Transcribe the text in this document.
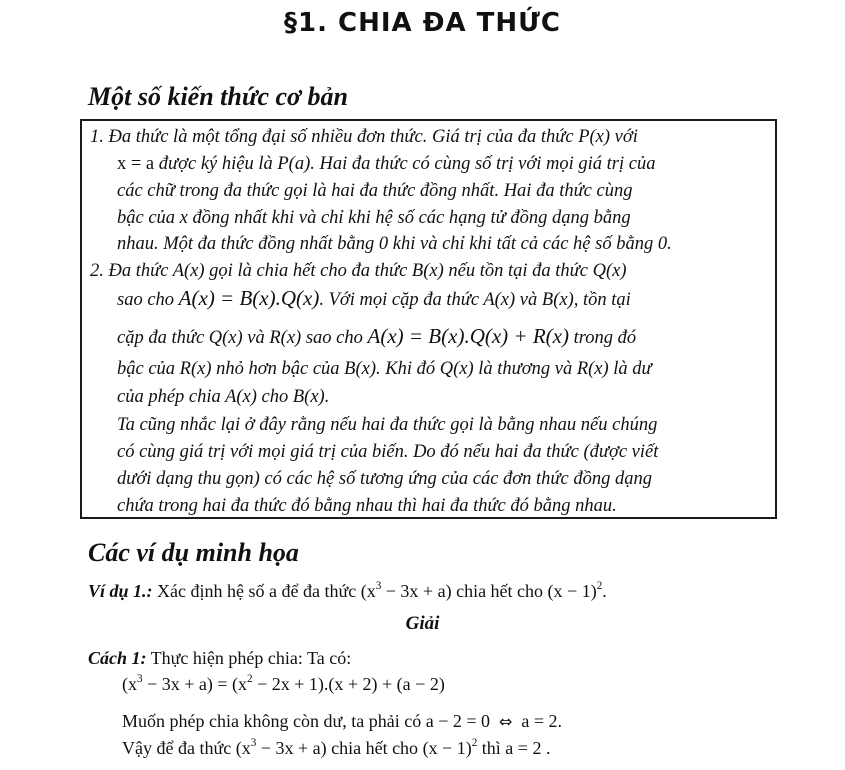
§1. CHIA ĐA THỨC
Một số kiến thức cơ bản
1. Đa thức là một tổng đại số nhiều đơn thức. Giá trị của đa thức P(x) với
x = a được ký hiệu là P(a). Hai đa thức có cùng số trị với mọi giá trị của
các chữ trong đa thức gọi là hai đa thức đồng nhất. Hai đa thức cùng
bậc của x đồng nhất khi và chỉ khi hệ số các hạng tử đồng dạng bằng
nhau. Một đa thức đồng nhất bằng 0 khi và chỉ khi tất cả các hệ số bằng 0.
2. Đa thức A(x) gọi là chia hết cho đa thức B(x) nếu tồn tại đa thức Q(x)
sao cho A(x) = B(x).Q(x). Với mọi cặp đa thức A(x) và B(x), tồn tại
cặp đa thức Q(x) và R(x) sao cho A(x) = B(x).Q(x) + R(x) trong đó
bậc của R(x) nhỏ hơn bậc của B(x). Khi đó Q(x) là thương và R(x) là dư
của phép chia A(x) cho B(x).
Ta cũng nhắc lại ở đây rằng nếu hai đa thức gọi là bằng nhau nếu chúng
có cùng giá trị với mọi giá trị của biến. Do đó nếu hai đa thức (được viết
dưới dạng thu gọn) có các hệ số tương ứng của các đơn thức đồng dạng
chứa trong hai đa thức đó bằng nhau thì hai đa thức đó bằng nhau.
Các ví dụ minh họa
Ví dụ 1.: Xác định hệ số a để đa thức $(x^3 - 3x + a)$ chia hết cho $(x - 1)^2$.
Giải
Cách 1: Thực hiện phép chia: Ta có:
$(x^3 - 3x + a) = (x^2 - 2x + 1).(x + 2) + (a - 2)$
Muốn phép chia không còn dư, ta phải có a − 2 = 0 ⇔ a = 2.
Vậy để đa thức $(x^3 - 3x + a)$ chia hết cho $(x - 1)^2$ thì a = 2 .
